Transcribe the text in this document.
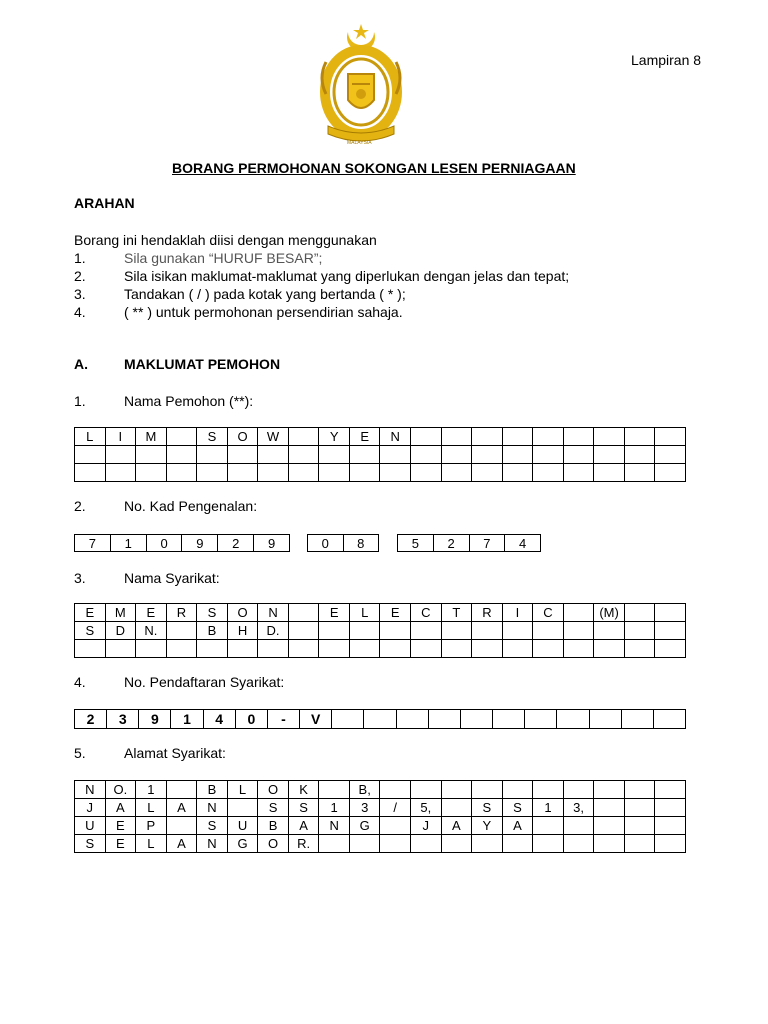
MALAYSIA
Lampiran 8
BORANG PERMOHONAN SOKONGAN LESEN PERNIAGAAN
ARAHAN
Borang ini hendaklah diisi dengan menggunakan
1.	Sila gunakan “HURUF BESAR”;
2.	Sila isikan maklumat-maklumat yang diperlukan dengan jelas dan tepat;
3.	Tandakan ( / ) pada kotak yang bertanda ( * );
4.	( ** ) untuk permohonan persendirian sahaja.
A.	MAKLUMAT PEMOHON
1.	Nama Pemohon (**):
L	I	M		S	O	W		Y	E	N									

2.	No. Kad Pengenalan:
7	1	0	9	2	9	0	8	5	2	7	4
3.	Nama Syarikat:
E	M	E	R	S	O	N		E	L	E	C	T	R	I	C		(M)		
S	D	N.		B	H	D.													

4.	No. Pendaftaran Syarikat:
2	3	9	1	4	0	-	V											
5.	Alamat Syarikat:
N	O.	1		B	L	O	K		B,										
J	A	L	A	N		S	S	1	3	/	5,		S	S	1	3,			
U	E	P		S	U	B	A	N	G		J	A	Y	A					
S	E	L	A	N	G	O	R.												
